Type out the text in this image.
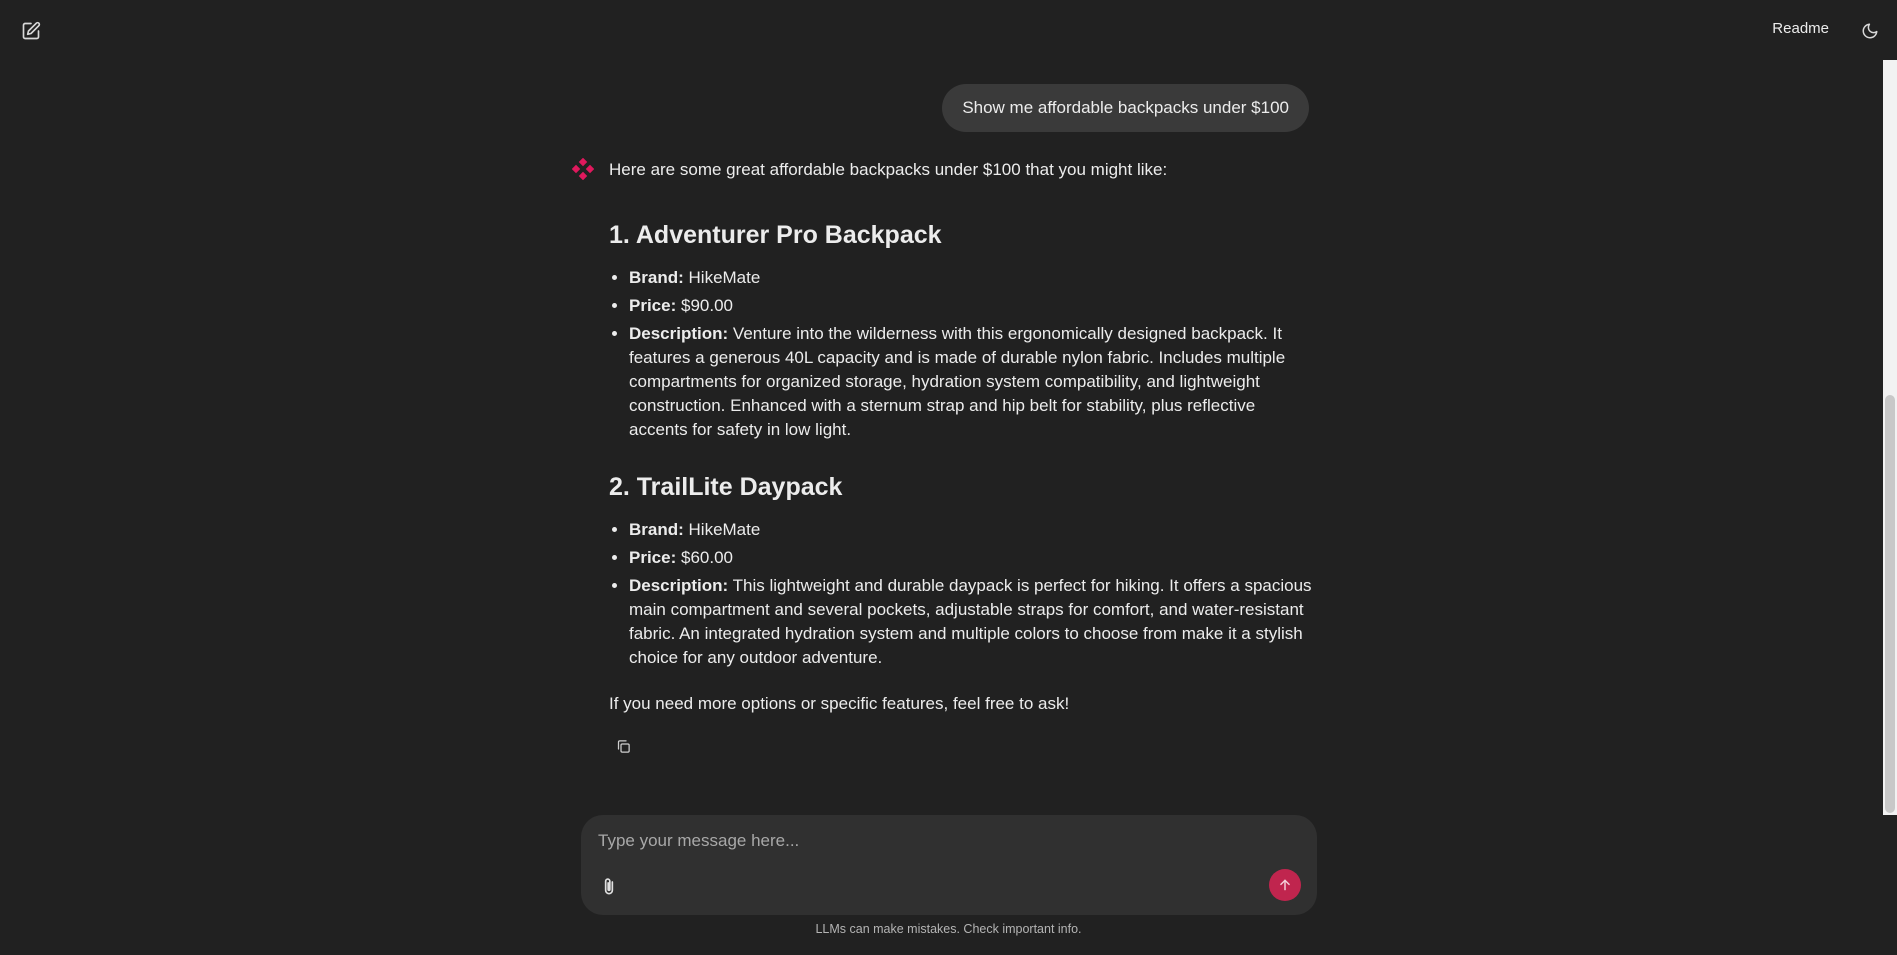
Readme
Show me affordable backpacks under $100

Here are some great affordable backpacks under $100 that you might like:

1. Adventurer Pro Backpack
• Brand: HikeMate
• Price: $90.00
• Description: Venture into the wilderness with this ergonomically designed backpack. It features a generous 40L capacity and is made of durable nylon fabric. Includes multiple compartments for organized storage, hydration system compatibility, and lightweight construction. Enhanced with a sternum strap and hip belt for stability, plus reflective accents for safety in low light.
2. TrailLite Daypack
• Brand: HikeMate
• Price: $60.00
• Description: This lightweight and durable daypack is perfect for hiking. It offers a spacious main compartment and several pockets, adjustable straps for comfort, and water-resistant fabric. An integrated hydration system and multiple colors to choose from make it a stylish choice for any outdoor adventure.

If you need more options or specific features, feel free to ask!

Type your message here...
LLMs can make mistakes. Check important info.
